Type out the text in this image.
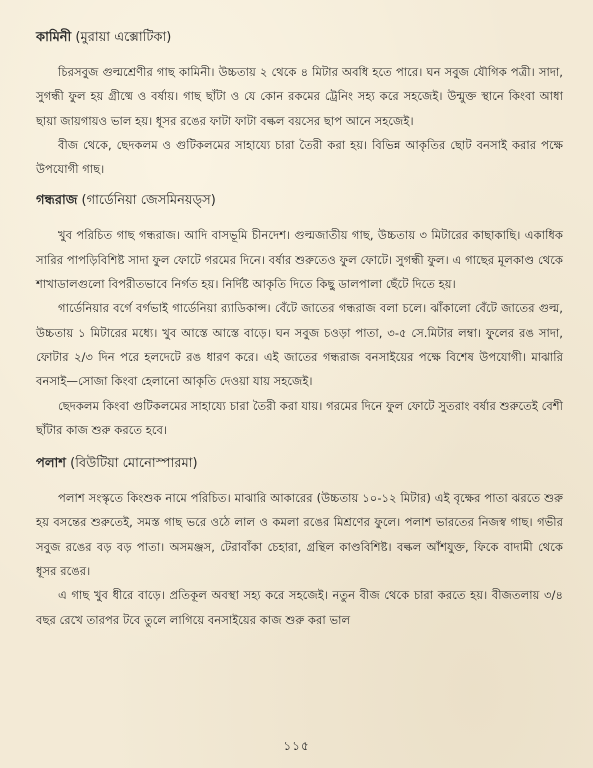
কামিনী (মুরায়া এক্সোটিকা)

চিরসবুজ গুল্মশ্রেণীর গাছ কামিনী। উচ্চতায় ২ থেকে ৪ মিটার অবধি হতে পারে। ঘন সবুজ যৌগিক পত্রী। সাদা, সুগন্ধী ফুল হয় গ্রীষ্মে ও বর্ষায়। গাছ ছাঁটা ও যে কোন রকমের ট্রেনিং সহ্য করে সহজেই। উন্মুক্ত স্থানে কিংবা আধা ছায়া জায়গায়ও ভাল হয়। ধূসর রঙের ফাটা ফাটা বল্কল বয়সের ছাপ আনে সহজেই।

বীজ থেকে, ছেদকলম ও গুটিকলমের সাহায্যে চারা তৈরী করা হয়। বিভিন্ন আকৃতির ছোট বনসাই করার পক্ষে উপযোগী গাছ।

গন্ধরাজ (গার্ডেনিয়া জেসমিনয়ড্স)

খুব পরিচিত গাছ গন্ধরাজ। আদি বাসভূমি চীনদেশ। গুল্মজাতীয় গাছ, উচ্চতায় ৩ মিটারের কাছাকাছি। একাধিক সারির পাপড়িবিশিষ্ট সাদা ফুল ফোটে গরমের দিনে। বর্ষার শুরুতেও ফুল ফোটে। সুগন্ধী ফুল। এ গাছের মূলকাণ্ড থেকে শাখাডালগুলো বিপরীতভাবে নির্গত হয়। নির্দিষ্ট আকৃতি দিতে কিছু ডালপালা ছেঁটে দিতে হয়।

গার্ডেনিয়ার বর্গে বর্গভাই গার্ডেনিয়া র‍্যাডিকান্স। বেঁটে জাতের গন্ধরাজ বলা চলে। ঝাঁকালো বেঁটে জাতের গুল্ম, উচ্চতায় ১ মিটারের মধ্যে। খুব আস্তে আস্তে বাড়ে। ঘন সবুজ চওড়া পাতা, ৩-৫ সে.মিটার লম্বা। ফুলের রঙ সাদা, ফোটার ২/৩ দিন পরে হলদেটে রঙ ধারণ করে। এই জাতের গন্ধরাজ বনসাইয়ের পক্ষে বিশেষ উপযোগী। মাঝারি বনসাই—সোজা কিংবা হেলানো আকৃতি দেওয়া যায় সহজেই।

ছেদকলম কিংবা গুটিকলমের সাহায্যে চারা তৈরী করা যায়। গরমের দিনে ফুল ফোটে সুতরাং বর্ষার শুরুতেই বেশী ছাঁটার কাজ শুরু করতে হবে।

পলাশ (বিউটিয়া মোনোস্পারমা)

পলাশ সংস্কৃতে কিংশুক নামে পরিচিত। মাঝারি আকারের (উচ্চতায় ১০-১২ মিটার) এই বৃক্ষের পাতা ঝরতে শুরু হয় বসন্তের শুরুতেই, সমস্ত গাছ ভরে ওঠে লাল ও কমলা রঙের মিশ্রণের ফুলে। পলাশ ভারতের নিজস্ব গাছ। গভীর সবুজ রঙের বড় বড় পাতা। অসমঞ্জস, টেরাবাঁকা চেহারা, গ্রন্থিল কাণ্ডবিশিষ্ট। বল্কল আঁশযুক্ত, ফিকে বাদামী থেকে ধূসর রঙের।

এ গাছ খুব ধীরে বাড়ে। প্রতিকূল অবস্থা সহ্য করে সহজেই। নতুন বীজ থেকে চারা করতে হয়। বীজতলায় ৩/৪ বছর রেখে তারপর টবে তুলে লাগিয়ে বনসাইয়ের কাজ শুরু করা ভাল

১১৫
